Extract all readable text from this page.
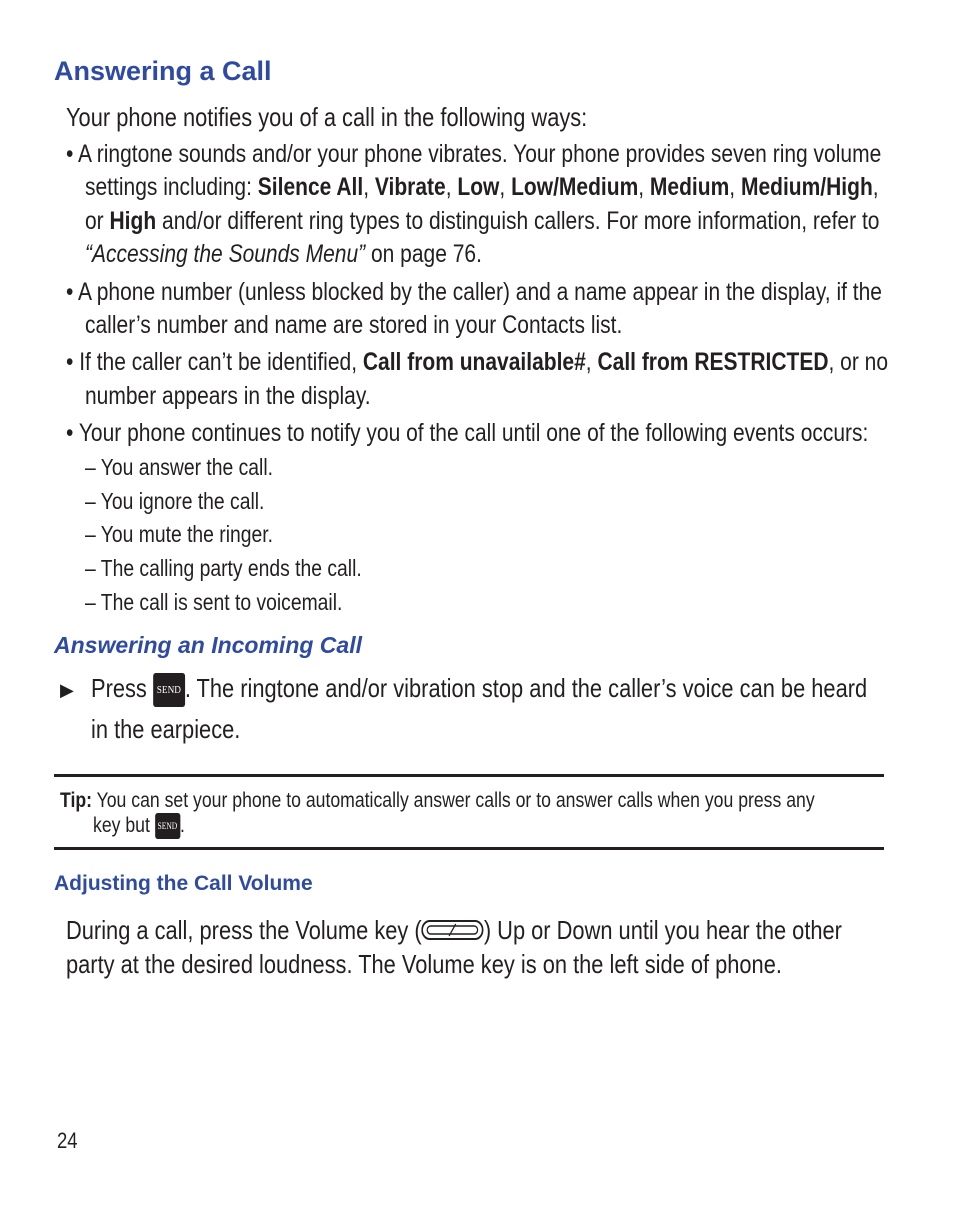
Answering a Call
Your phone notifies you of a call in the following ways:
• A ringtone sounds and/or your phone vibrates. Your phone provides seven ring volume
settings including: Silence All, Vibrate, Low, Low/Medium, Medium, Medium/High,
or High and/or different ring types to distinguish callers. For more information, refer to
“Accessing the Sounds Menu” on page 76.
• A phone number (unless blocked by the caller) and a name appear in the display, if the
caller’s number and name are stored in your Contacts list.
• If the caller can’t be identified, Call from unavailable#, Call from RESTRICTED, or no
number appears in the display.
• Your phone continues to notify you of the call until one of the following events occurs:
– You answer the call.
– You ignore the call.
– You mute the ringer.
– The calling party ends the call.
– The call is sent to voicemail.
Answering an Incoming Call
▶ Press SEND . The ringtone and/or vibration stop and the caller’s voice can be heard
in the earpiece.
Tip: You can set your phone to automatically answer calls or to answer calls when you press any
key but SEND .
Adjusting the Call Volume
During a call, press the Volume key ( ) Up or Down until you hear the other
party at the desired loudness. The Volume key is on the left side of phone.
24
